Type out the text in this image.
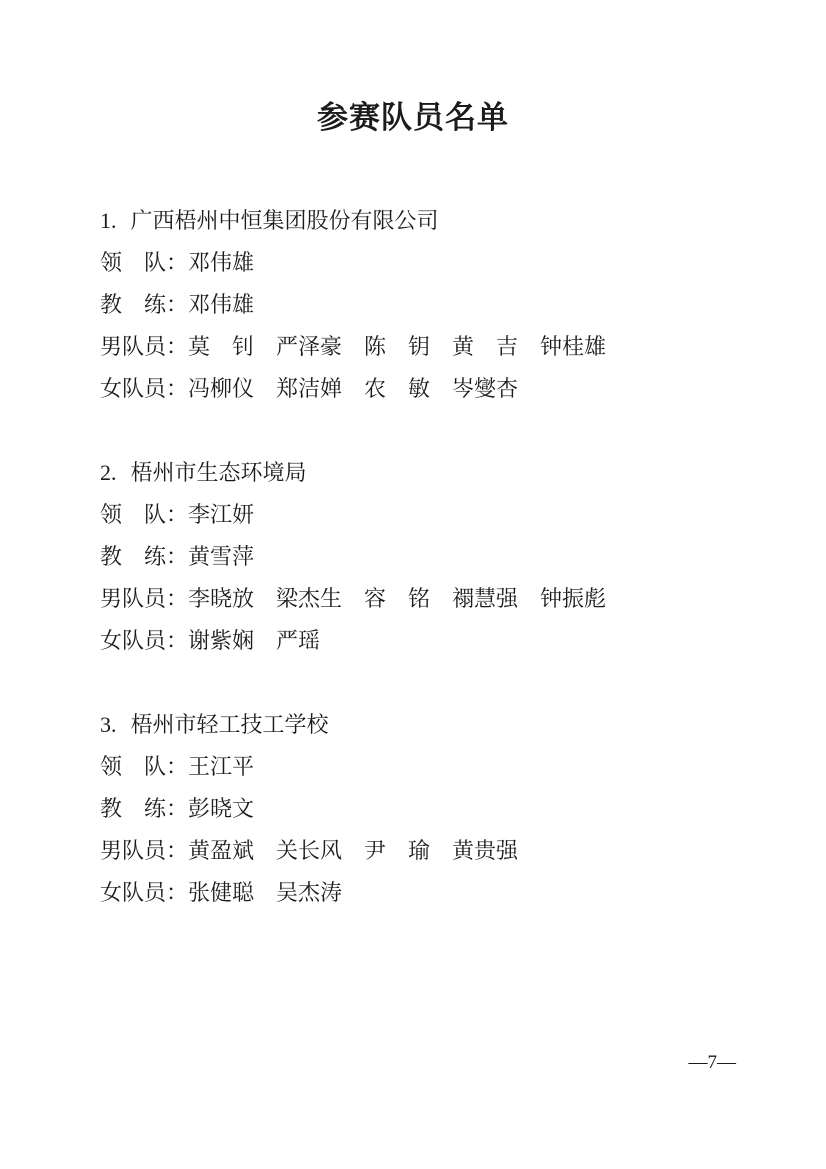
参赛队员名单

1. 广西梧州中恒集团股份有限公司

领　队：邓伟雄

教　练：邓伟雄

男队员：莫　钊　严泽豪　陈　钥　黄　吉　钟桂雄

女队员：冯柳仪　郑洁婵　农　敏　岑燮杏

2. 梧州市生态环境局

领　队：李江妍

教　练：黄雪萍

男队员：李晓放　梁杰生　容　铭　禤慧强　钟振彪

女队员：谢紫娴　严瑶

3. 梧州市轻工技工学校

领　队：王江平

教　练：彭晓文

男队员：黄盈斌　关长风　尹　瑜　黄贵强

女队员：张健聪　吴杰涛

—7—
